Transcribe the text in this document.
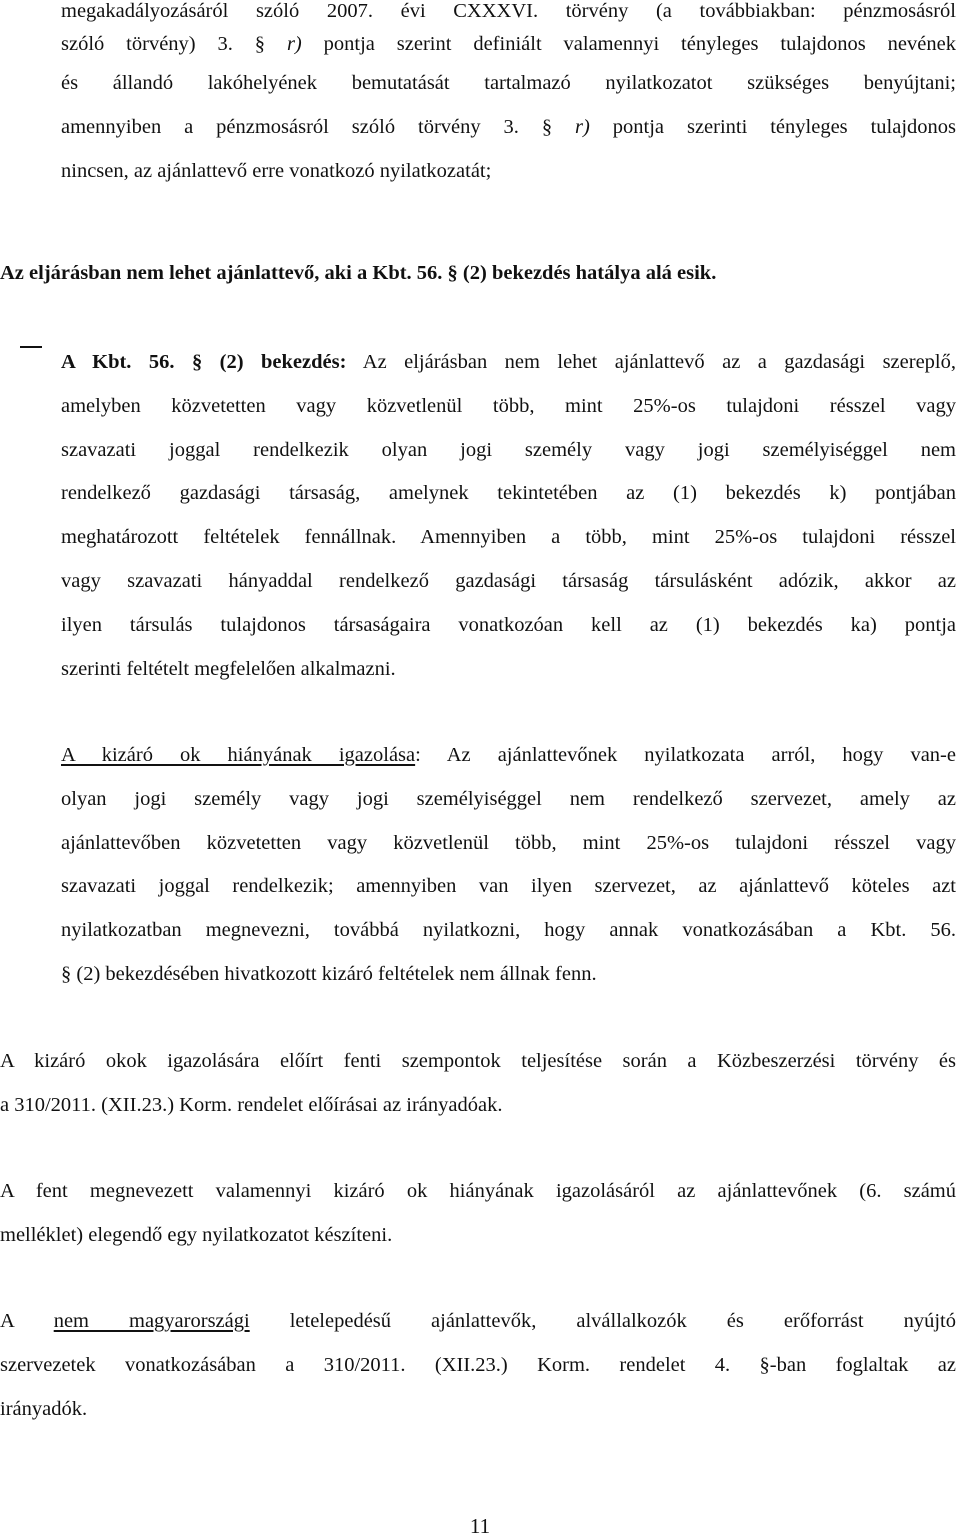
megakadályozásáról szóló 2007. évi CXXXVI. törvény (a továbbiakban: pénzmosásról
szóló törvény) 3. § r) pontja szerint definiált valamennyi tényleges tulajdonos nevének
és állandó lakóhelyének bemutatását tartalmazó nyilatkozatot szükséges benyújtani;
amennyiben a pénzmosásról szóló törvény 3. § r) pontja szerinti tényleges tulajdonos
nincsen, az ajánlattevő erre vonatkozó nyilatkozatát;
Az eljárásban nem lehet ajánlattevő, aki a Kbt. 56. § (2) bekezdés hatálya alá esik.
A Kbt. 56. § (2) bekezdés: Az eljárásban nem lehet ajánlattevő az a gazdasági szereplő,
amelyben közvetetten vagy közvetlenül több, mint 25%-os tulajdoni résszel vagy
szavazati joggal rendelkezik olyan jogi személy vagy jogi személyiséggel nem
rendelkező gazdasági társaság, amelynek tekintetében az (1) bekezdés k) pontjában
meghatározott feltételek fennállnak. Amennyiben a több, mint 25%-os tulajdoni résszel
vagy szavazati hányaddal rendelkező gazdasági társaság társulásként adózik, akkor az
ilyen társulás tulajdonos társaságaira vonatkozóan kell az (1) bekezdés ka) pontja
szerinti feltételt megfelelően alkalmazni.
A kizáró ok hiányának igazolása: Az ajánlattevőnek nyilatkozata arról, hogy van-e
olyan jogi személy vagy jogi személyiséggel nem rendelkező szervezet, amely az
ajánlattevőben közvetetten vagy közvetlenül több, mint 25%-os tulajdoni résszel vagy
szavazati joggal rendelkezik; amennyiben van ilyen szervezet, az ajánlattevő köteles azt
nyilatkozatban megnevezni, továbbá nyilatkozni, hogy annak vonatkozásában a Kbt. 56.
§ (2) bekezdésében hivatkozott kizáró feltételek nem állnak fenn.
A kizáró okok igazolására előírt fenti szempontok teljesítése során a Közbeszerzési törvény és
a 310/2011. (XII.23.) Korm. rendelet előírásai az irányadóak.
A fent megnevezett valamennyi kizáró ok hiányának igazolásáról az ajánlattevőnek (6. számú
melléklet) elegendő egy nyilatkozatot készíteni.
A nem magyarországi letelepedésű ajánlattevők, alvállalkozók és erőforrást nyújtó
szervezetek vonatkozásában a 310/2011. (XII.23.) Korm. rendelet 4. §-ban foglaltak az
irányadók.
11
